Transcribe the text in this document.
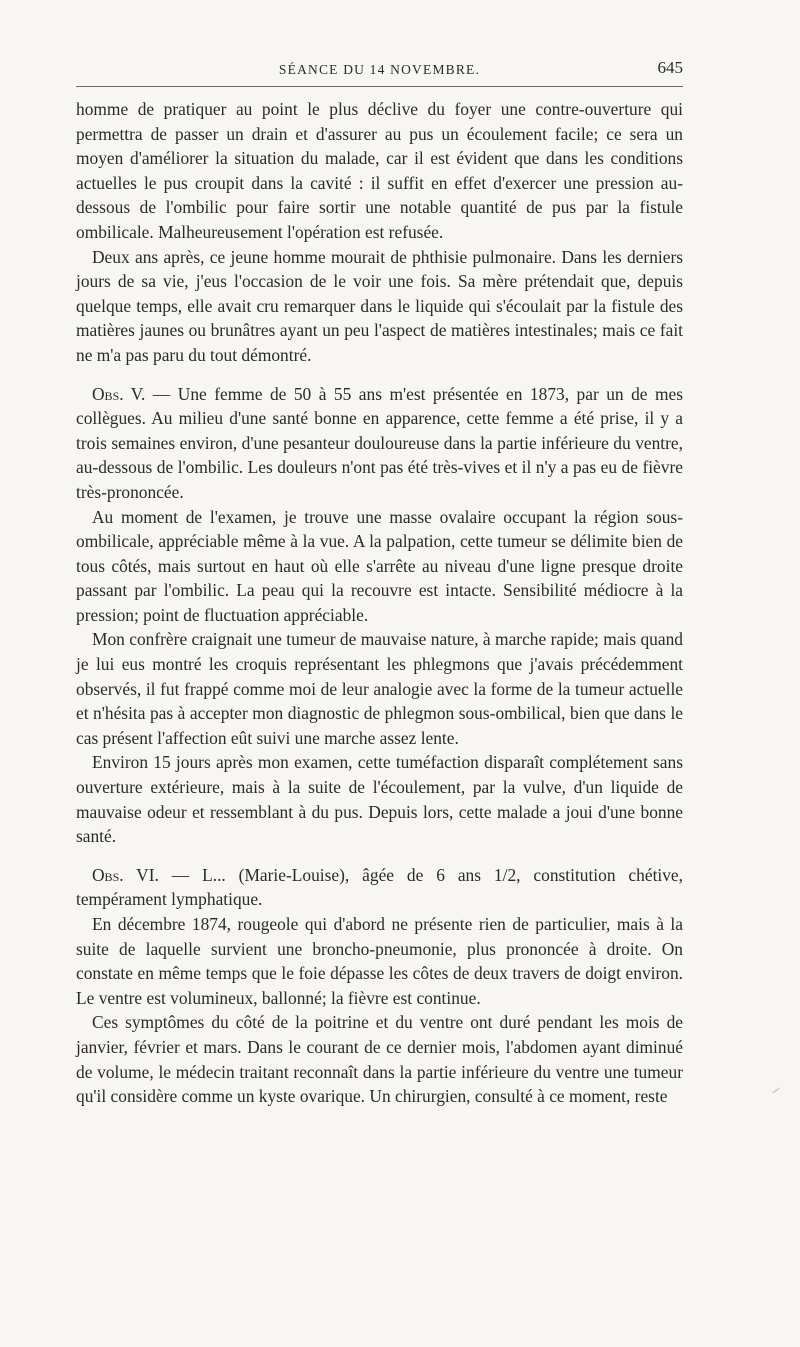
SÉANCE DU 14 NOVEMBRE.	645

homme de pratiquer au point le plus déclive du foyer une contre-ouverture qui permettra de passer un drain et d'assurer au pus un écoulement facile; ce sera un moyen d'améliorer la situation du malade, car il est évident que dans les conditions actuelles le pus croupit dans la cavité : il suffit en effet d'exercer une pression au-dessous de l'ombilic pour faire sortir une notable quantité de pus par la fistule ombilicale. Malheureusement l'opération est refusée.

Deux ans après, ce jeune homme mourait de phthisie pulmonaire. Dans les derniers jours de sa vie, j'eus l'occasion de le voir une fois. Sa mère prétendait que, depuis quelque temps, elle avait cru remarquer dans le liquide qui s'écoulait par la fistule des matières jaunes ou brunâtres ayant un peu l'aspect de matières intestinales; mais ce fait ne m'a pas paru du tout démontré.

Obs. V. — Une femme de 50 à 55 ans m'est présentée en 1873, par un de mes collègues. Au milieu d'une santé bonne en apparence, cette femme a été prise, il y a trois semaines environ, d'une pesanteur douloureuse dans la partie inférieure du ventre, au-dessous de l'ombilic. Les douleurs n'ont pas été très-vives et il n'y a pas eu de fièvre très-prononcée.

Au moment de l'examen, je trouve une masse ovalaire occupant la région sous-ombilicale, appréciable même à la vue. A la palpation, cette tumeur se délimite bien de tous côtés, mais surtout en haut où elle s'arrête au niveau d'une ligne presque droite passant par l'ombilic. La peau qui la recouvre est intacte. Sensibilité médiocre à la pression; point de fluctuation appréciable.

Mon confrère craignait une tumeur de mauvaise nature, à marche rapide; mais quand je lui eus montré les croquis représentant les phlegmons que j'avais précédemment observés, il fut frappé comme moi de leur analogie avec la forme de la tumeur actuelle et n'hésita pas à accepter mon diagnostic de phlegmon sous-ombilical, bien que dans le cas présent l'affection eût suivi une marche assez lente.

Environ 15 jours après mon examen, cette tuméfaction disparaît complétement sans ouverture extérieure, mais à la suite de l'écoulement, par la vulve, d'un liquide de mauvaise odeur et ressemblant à du pus. Depuis lors, cette malade a joui d'une bonne santé.

Obs. VI. — L... (Marie-Louise), âgée de 6 ans 1/2, constitution chétive, tempérament lymphatique.

En décembre 1874, rougeole qui d'abord ne présente rien de particulier, mais à la suite de laquelle survient une broncho-pneumonie, plus prononcée à droite. On constate en même temps que le foie dépasse les côtes de deux travers de doigt environ. Le ventre est volumineux, ballonné; la fièvre est continue.

Ces symptômes du côté de la poitrine et du ventre ont duré pendant les mois de janvier, février et mars. Dans le courant de ce dernier mois, l'abdomen ayant diminué de volume, le médecin traitant reconnaît dans la partie inférieure du ventre une tumeur qu'il considère comme un kyste ovarique. Un chirurgien, consulté à ce moment, reste
